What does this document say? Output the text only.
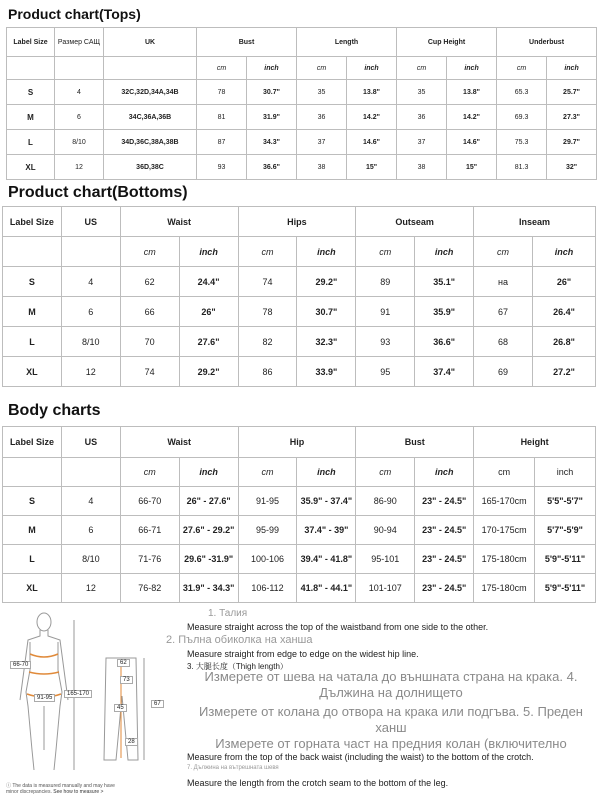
Product chart(Tops)
Label Size	Размер САЩ	UK	Bust		Length		Cup Height		Underbust	
			cm	inch	cm	inch	cm	inch	cm	inch
S	4	32C,32D,34A,34B	78	30.7"	35	13.8"	35	13.8"	65.3	25.7"
M	6	34C,36A,36B	81	31.9"	36	14.2"	36	14.2"	69.3	27.3"
L	8/10	34D,36C,38A,38B	87	34.3"	37	14.6"	37	14.6"	75.3	29.7"
XL	12	36D,38C	93	36.6"	38	15"	38	15"	81.3	32"
Product chart(Bottoms)
Label Size	US	Waist		Hips		Outseam		Inseam	
		cm	inch	cm	inch	cm	inch	cm	inch
S	4	62	24.4"	74	29.2"	89	35.1"	на	26"
M	6	66	26"	78	30.7"	91	35.9"	67	26.4"
L	8/10	70	27.6"	82	32.3"	93	36.6"	68	26.8"
XL	12	74	29.2"	86	33.9"	95	37.4"	69	27.2"
Body charts
Label Size	US	Waist		Hip		Bust		Height	
		cm	inch	cm	inch	cm	inch	cm	inch
S	4	66-70	26" - 27.6"	91-95	35.9" - 37.4"	86-90	23" - 24.5"	165-170cm	5'5"-5'7"
M	6	66-71	27.6" - 29.2"	95-99	37.4" - 39"	90-94	23" - 24.5"	170-175cm	5'7"-5'9"
L	8/10	71-76	29.6" -31.9"	100-106	39.4" - 41.8"	95-101	23" - 24.5"	175-180cm	5'9"-5'11"
XL	12	76-82	31.9" - 34.3"	106-112	41.8" - 44.1"	101-107	23" - 24.5"	175-180cm	5'9"-5'11"
66-70
91-95
165-170
62
73
67
45
28
ⓘ The data is measured manually and may have minor discrepancies. See how to measure >
1. Талия
Measure straight across the top of the waistband from one side to the other.
2. Пълна обиколка на ханша
Measure straight from edge to edge on the widest hip line.
3. 大腿长度（Thigh length）
Измерете от шева на чатала до външната страна на крака. 4. Дължина на долнището
Измерете от колана до отвора на крака или подгъва. 5. Преден ханш
Измерете от горната част на предния колан (включително
Measure from the top of the back waist (including the waist) to the bottom of the crotch.
7. Дължина на вътрешната шевя
Measure the length from the crotch seam to the bottom of the leg.
